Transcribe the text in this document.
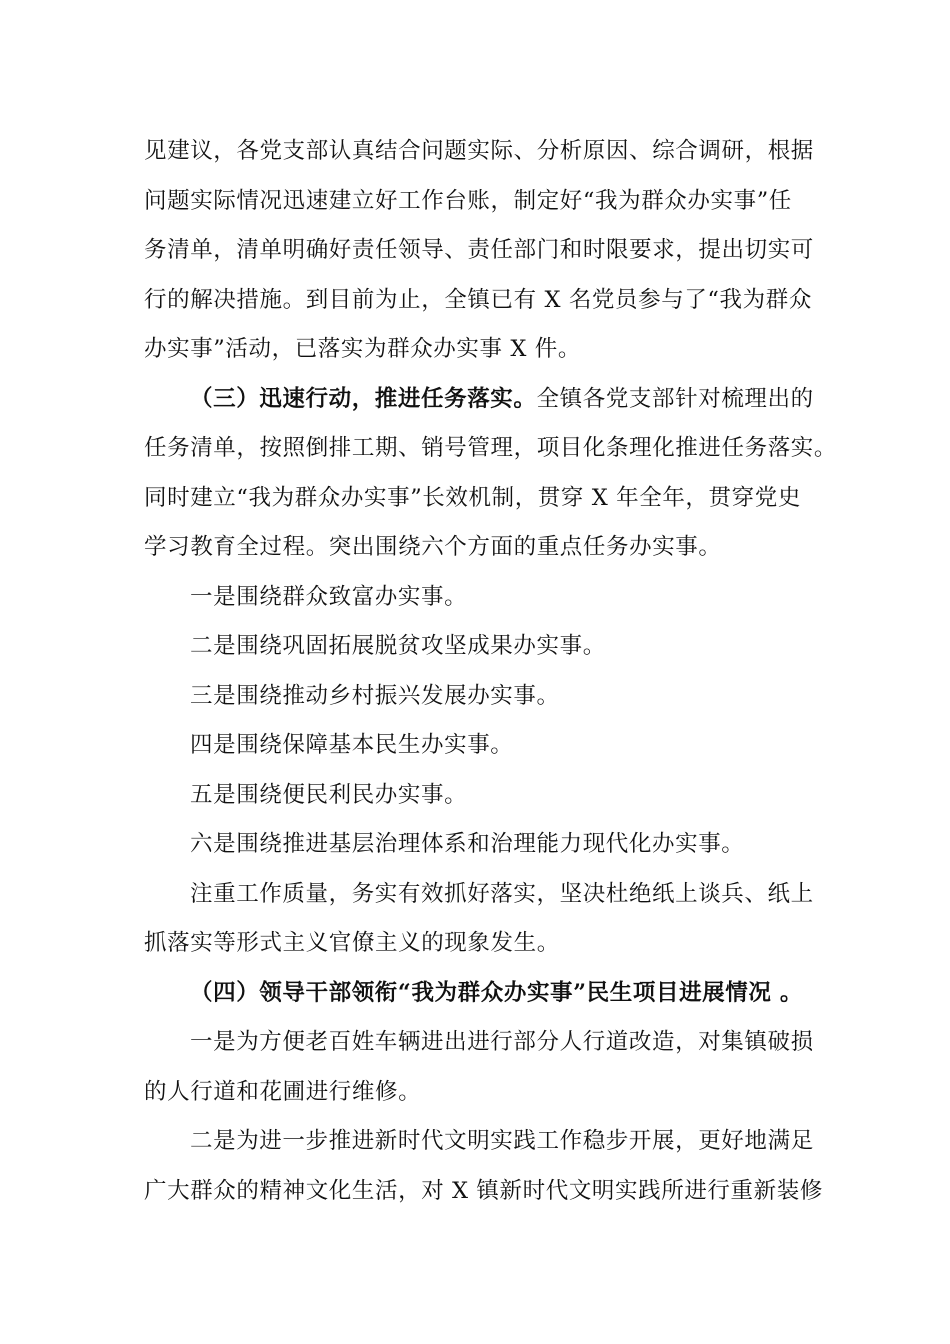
见建议，各党支部认真结合问题实际、分析原因、综合调研，根据
问题实际情况迅速建立好工作台账，制定好“我为群众办实事”任
务清单，清单明确好责任领导、责任部门和时限要求，提出切实可
行的解决措施。到目前为止，全镇已有 X 名党员参与了“我为群众
办实事”活动，已落实为群众办实事 X 件。
（三）迅速行动，推进任务落实。全镇各党支部针对梳理出的
任务清单，按照倒排工期、销号管理，项目化条理化推进任务落实。
同时建立“我为群众办实事”长效机制，贯穿 X 年全年，贯穿党史
学习教育全过程。突出围绕六个方面的重点任务办实事。
一是围绕群众致富办实事。
二是围绕巩固拓展脱贫攻坚成果办实事。
三是围绕推动乡村振兴发展办实事。
四是围绕保障基本民生办实事。
五是围绕便民利民办实事。
六是围绕推进基层治理体系和治理能力现代化办实事。
注重工作质量，务实有效抓好落实，坚决杜绝纸上谈兵、纸上
抓落实等形式主义官僚主义的现象发生。
（四）领导干部领衔“我为群众办实事”民生项目进展情况 。
一是为方便老百姓车辆进出进行部分人行道改造，对集镇破损
的人行道和花圃进行维修。
二是为进一步推进新时代文明实践工作稳步开展，更好地满足
广大群众的精神文化生活，对 X 镇新时代文明实践所进行重新装修
